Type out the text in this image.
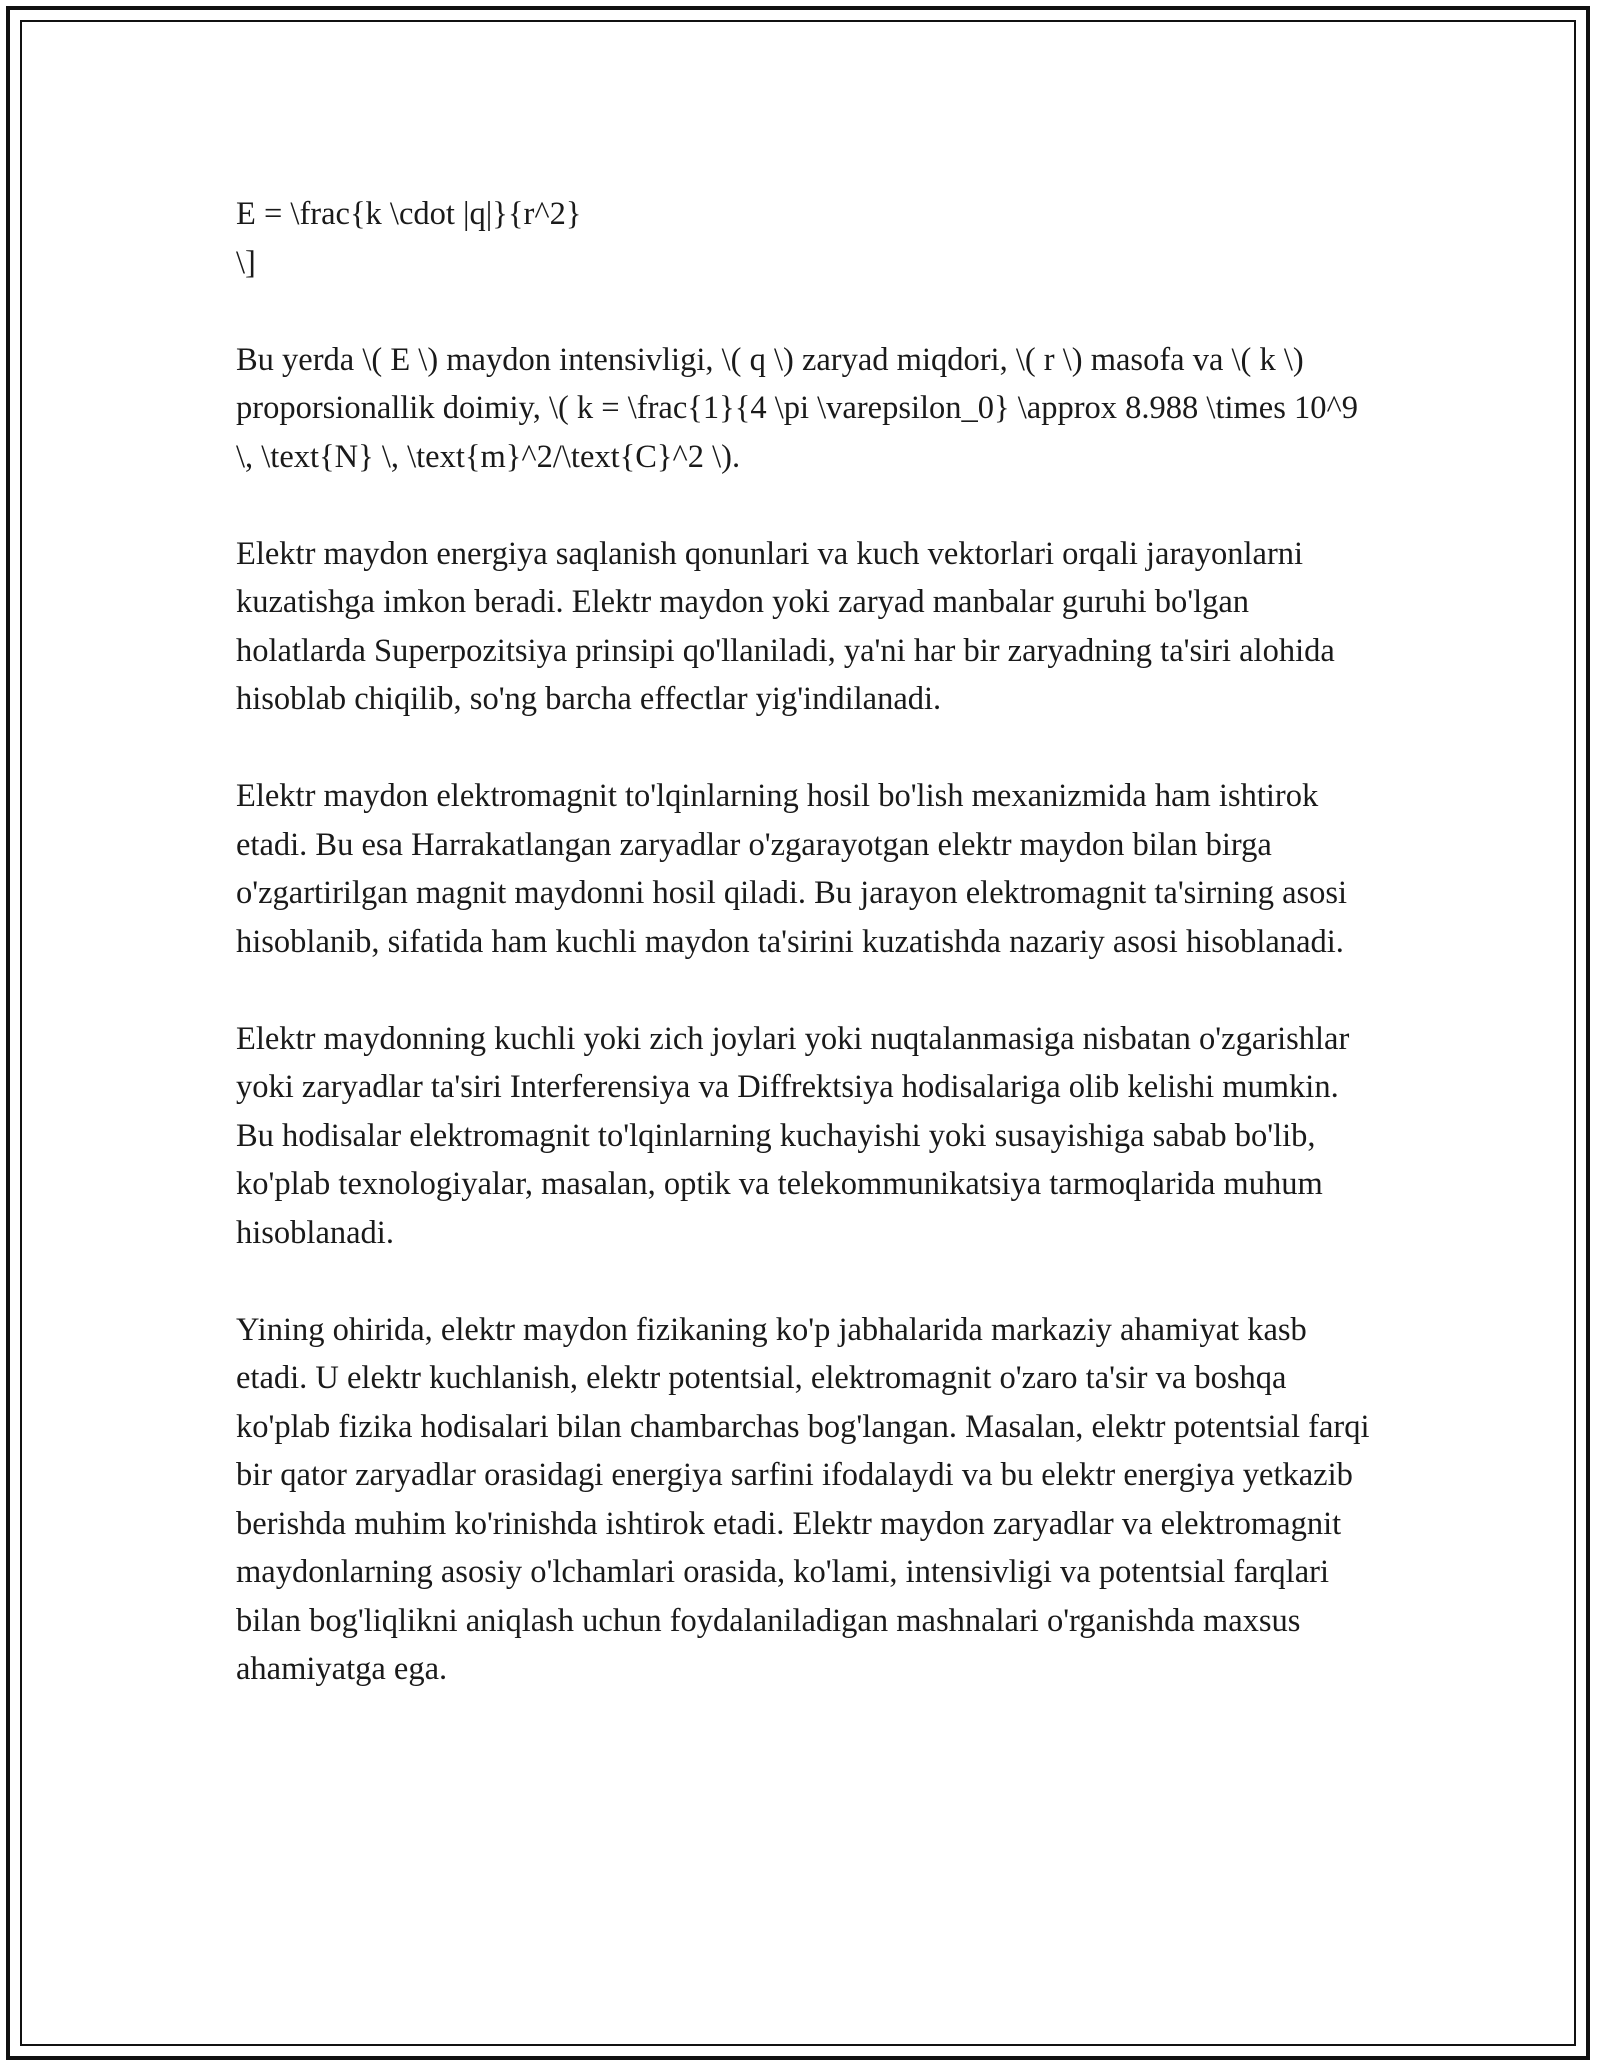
E = \frac{k \cdot |q|}{r^2}
\]

Bu yerda \( E \) maydon intensivligi, \( q \) zaryad miqdori, \( r \) masofa va \( k \) proporsionallik doimiy, \( k = \frac{1}{4 \pi \varepsilon_0} \approx 8.988 \times 10^9 \, \text{N} \, \text{m}^2/\text{C}^2 \).

Elektr maydon energiya saqlanish qonunlari va kuch vektorlari orqali jarayonlarni kuzatishga imkon beradi. Elektr maydon yoki zaryad manbalar guruhi bo'lgan holatlarda Superpozitsiya prinsipi qo'llaniladi, ya'ni har bir zaryadning ta'siri alohida hisoblab chiqilib, so'ng barcha effectlar yig'indilanadi.

Elektr maydon elektromagnit to'lqinlarning hosil bo'lish mexanizmida ham ishtirok etadi. Bu esa Harrakatlangan zaryadlar o'zgarayotgan elektr maydon bilan birga o'zgartirilgan magnit maydonni hosil qiladi. Bu jarayon elektromagnit ta'sirning asosi hisoblanib, sifatida ham kuchli maydon ta'sirini kuzatishda nazariy asosi hisoblanadi.

Elektr maydonning kuchli yoki zich joylari yoki nuqtalanmasiga nisbatan o'zgarishlar yoki zaryadlar ta'siri Interferensiya va Diffrektsiya hodisalariga olib kelishi mumkin. Bu hodisalar elektromagnit to'lqinlarning kuchayishi yoki susayishiga sabab bo'lib, ko'plab texnologiyalar, masalan, optik va telekommunikatsiya tarmoqlarida muhum hisoblanadi.

Yining ohirida, elektr maydon fizikaning ko'p jabhalarida markaziy ahamiyat kasb etadi. U elektr kuchlanish, elektr potentsial, elektromagnit o'zaro ta'sir va boshqa ko'plab fizika hodisalari bilan chambarchas bog'langan. Masalan, elektr potentsial farqi bir qator zaryadlar orasidagi energiya sarfini ifodalaydi va bu elektr energiya yetkazib berishda muhim ko'rinishda ishtirok etadi. Elektr maydon zaryadlar va elektromagnit maydonlarning asosiy o'lchamlari orasida, ko'lami, intensivligi va potentsial farqlari bilan bog'liqlikni aniqlash uchun foydalaniladigan mashnalari o'rganishda maxsus ahamiyatga ega.
